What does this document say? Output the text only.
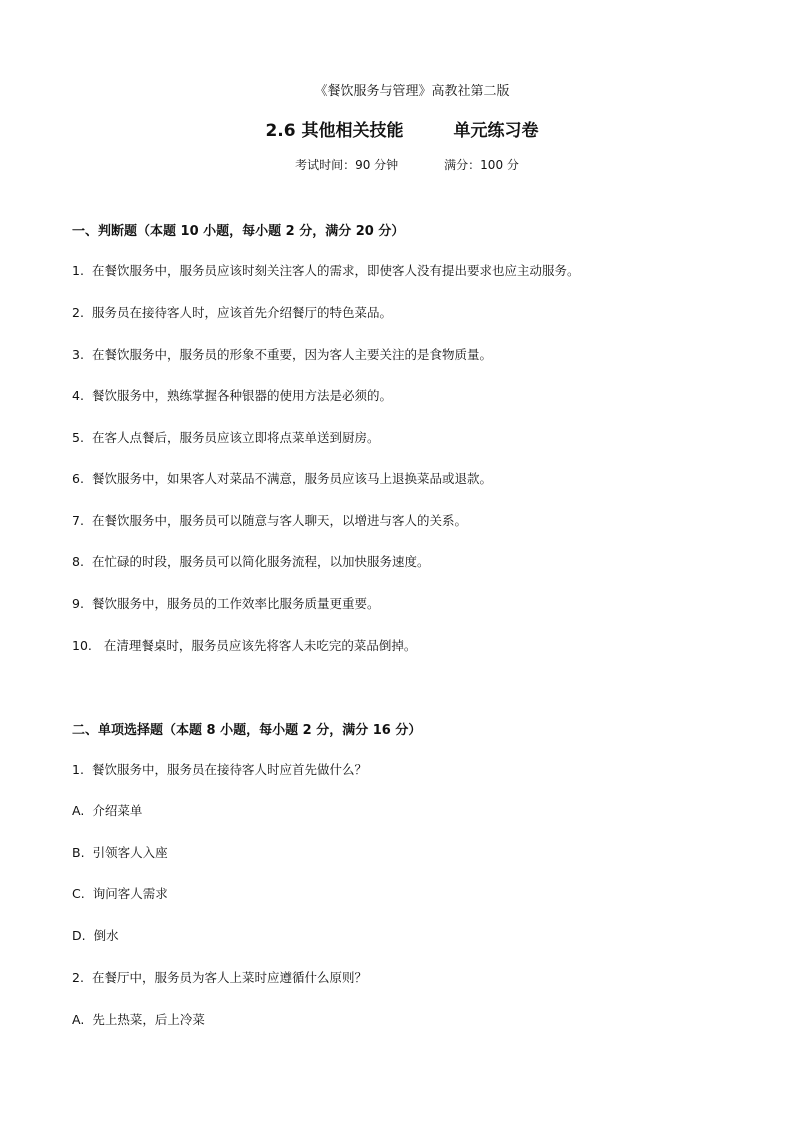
《餐饮服务与管理》高教社第二版
2.6 其他相关技能	单元练习卷
考试时间：90 分钟	满分：100 分
一、判断题（本题 10 小题，每小题 2 分，满分 20 分）
1. 在餐饮服务中，服务员应该时刻关注客人的需求，即使客人没有提出要求也应主动服务。
2. 服务员在接待客人时，应该首先介绍餐厅的特色菜品。
3. 在餐饮服务中，服务员的形象不重要，因为客人主要关注的是食物质量。
4. 餐饮服务中，熟练掌握各种银器的使用方法是必须的。
5. 在客人点餐后，服务员应该立即将点菜单送到厨房。
6. 餐饮服务中，如果客人对菜品不满意，服务员应该马上退换菜品或退款。
7. 在餐饮服务中，服务员可以随意与客人聊天，以增进与客人的关系。
8. 在忙碌的时段，服务员可以简化服务流程，以加快服务速度。
9. 餐饮服务中，服务员的工作效率比服务质量更重要。
10. 在清理餐桌时，服务员应该先将客人未吃完的菜品倒掉。
二、单项选择题（本题 8 小题，每小题 2 分，满分 16 分）
1. 餐饮服务中，服务员在接待客人时应首先做什么？
A. 介绍菜单
B. 引领客人入座
C. 询问客人需求
D. 倒水
2. 在餐厅中，服务员为客人上菜时应遵循什么原则？
A. 先上热菜，后上冷菜
